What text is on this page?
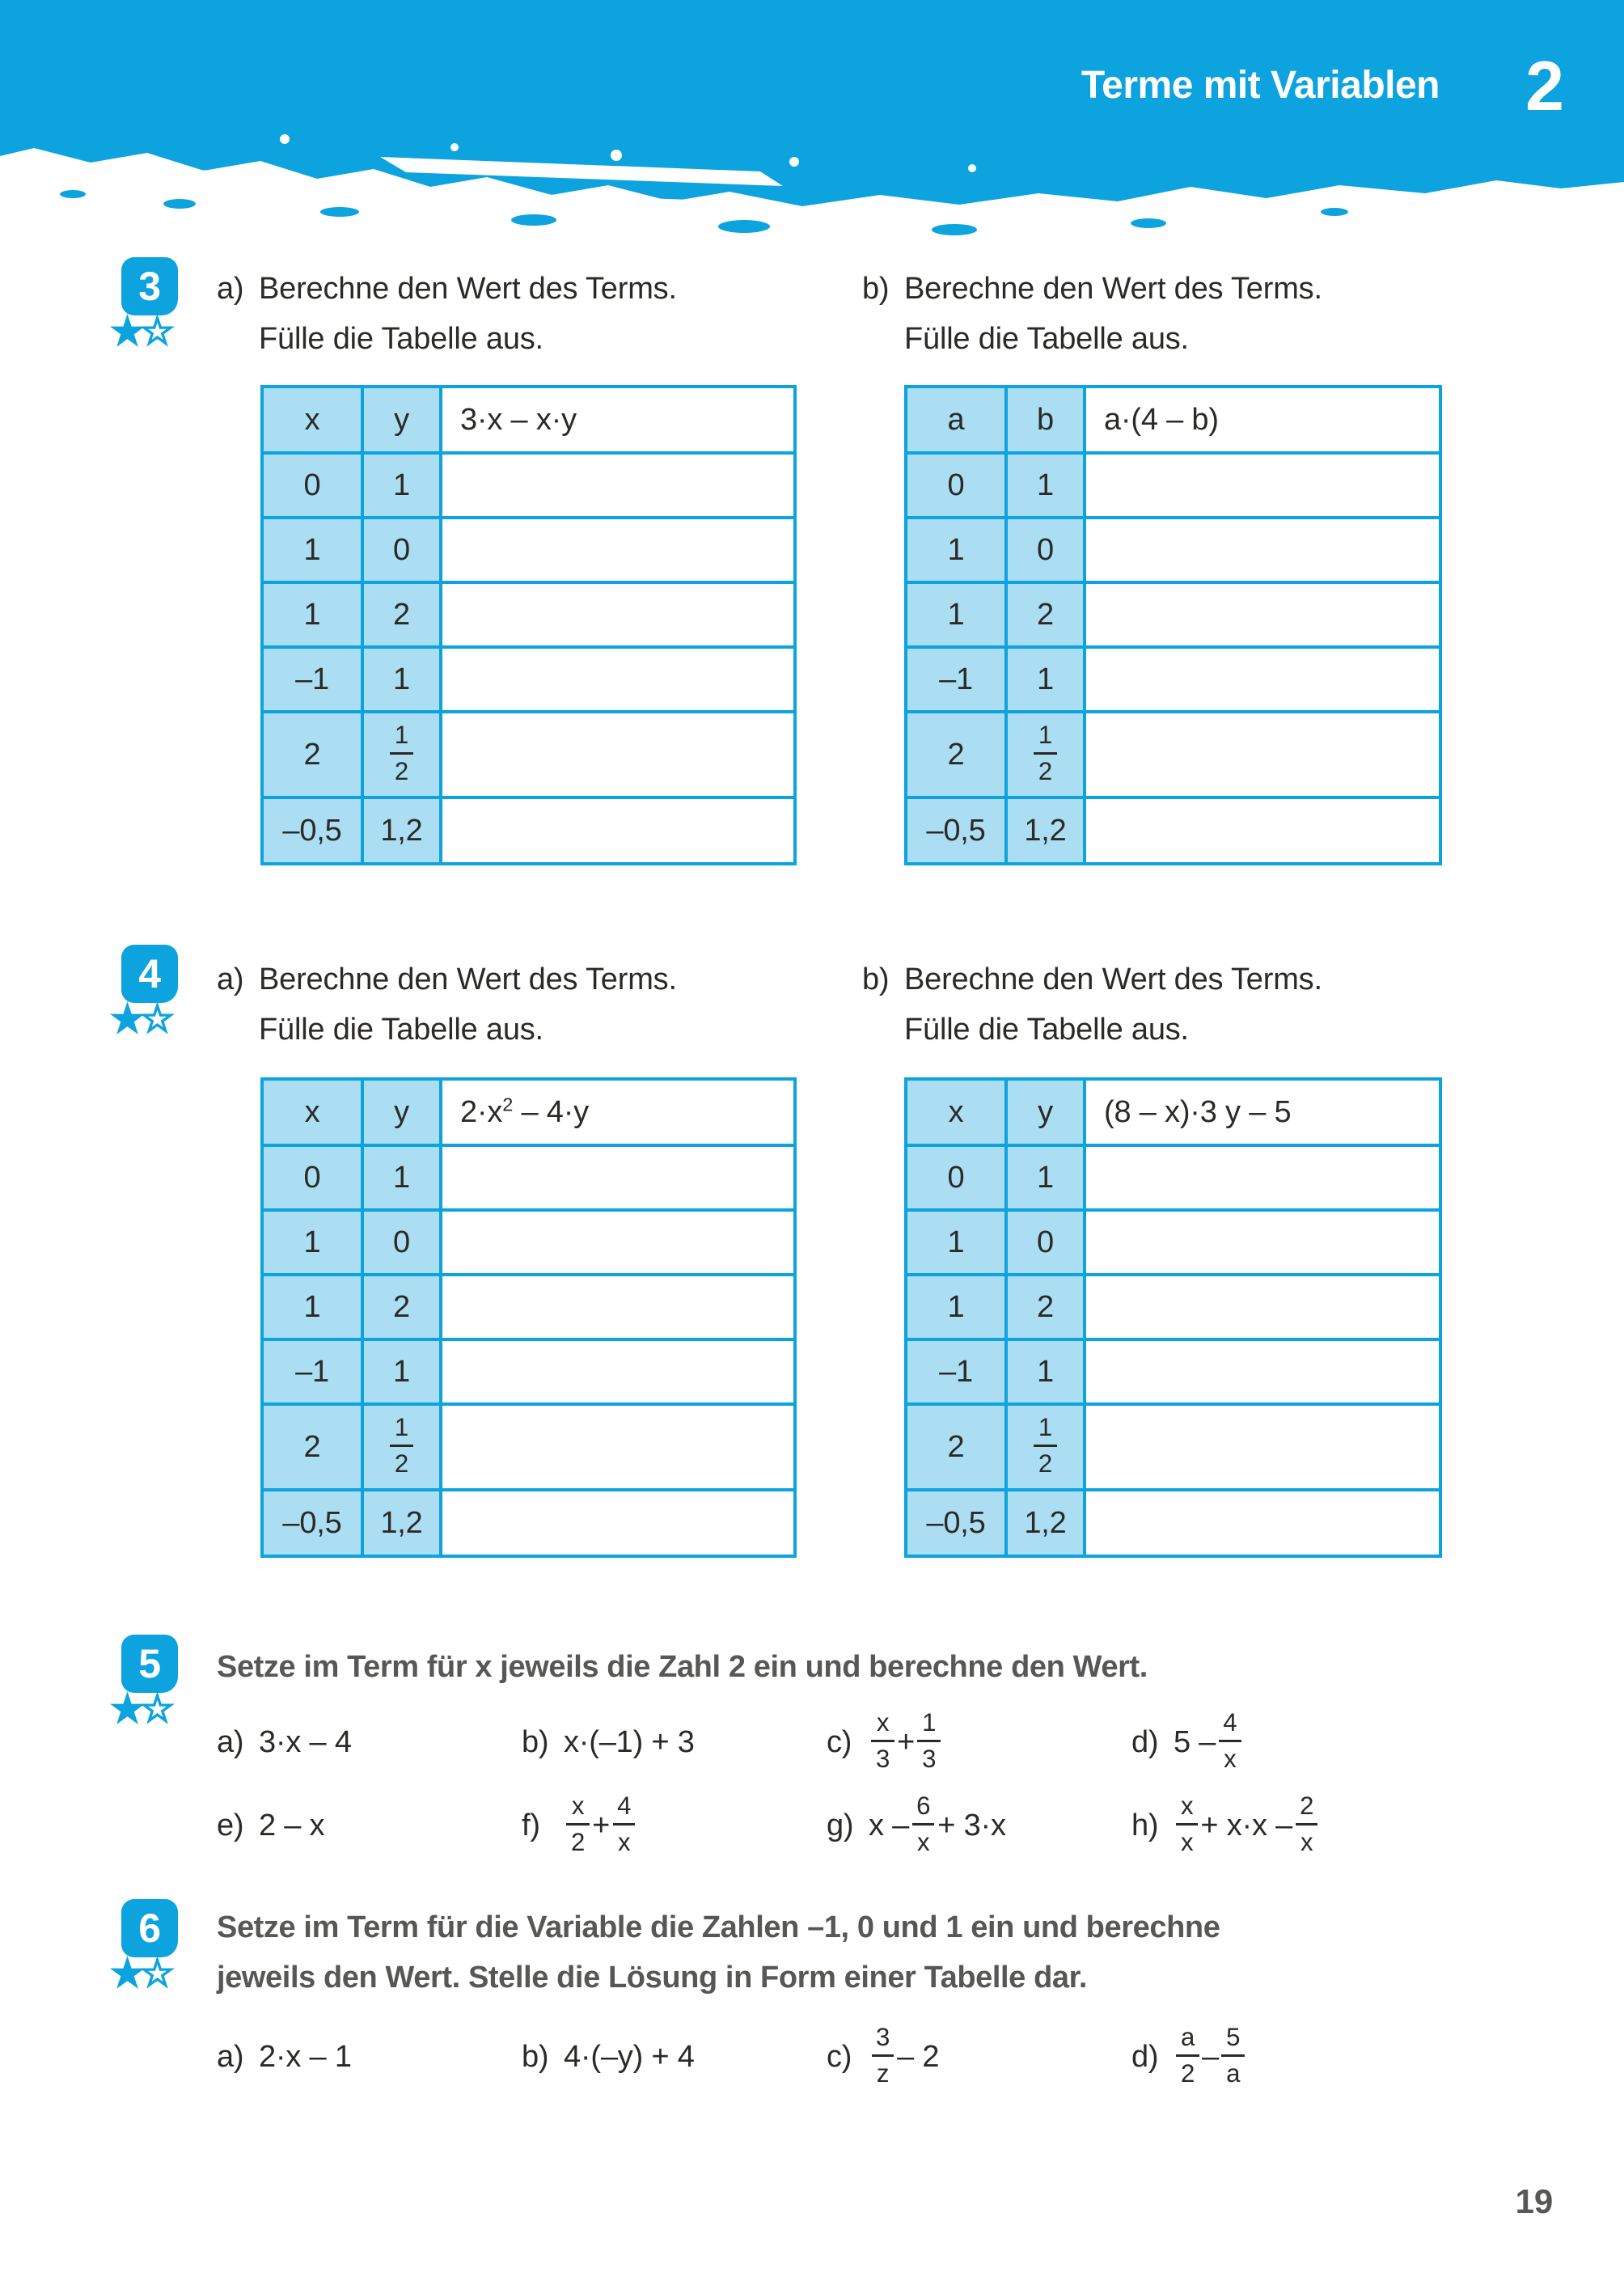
Terme mit Variablen	2
3
★☆
a) Berechne den Wert des Terms.
Fülle die Tabelle aus.
b) Berechne den Wert des Terms.
Fülle die Tabelle aus.
x	y	3·x – x·y
0	1	
1	0	
1	2	
–1	1	
2	$\frac{1}{2}$

–0,5	1,2	
a	b	a·(4 – b)
0	1	
1	0	
1	2	
–1	1	
2	$\frac{1}{2}$

–0,5	1,2	
4
★☆
a) Berechne den Wert des Terms.
Fülle die Tabelle aus.
b) Berechne den Wert des Terms.
Fülle die Tabelle aus.
x	y	$2\cdot x^2 - 4\cdot y$
0	1	
1	0	
1	2	
–1	1	
2	$\frac{1}{2}$

–0,5	1,2	
x	y	(8 – x)·3 y – 5
0	1	
1	0	
1	2	
–1	1	
2	$\frac{1}{2}$

–0,5	1,2	
5
★☆
Setze im Term für x jeweils die Zahl 2 ein und berechne den Wert.
a) 3·x – 4	b) x·(–1) + 3	$c) \frac{x}{3} + \frac{1}{3}$	d) $5 - \frac{4}{x}$
e) 2 – x	f)	$\frac{x}{2} + \frac{4}{x}$	g) $x - \frac{6}{x} + 3\cdot x$	$h) \frac{x}{x} + x\cdot x - \frac{2}{x}$
6
★☆
Setze im Term für die Variable die Zahlen –1, 0 und 1 ein und berechne
jeweils den Wert. Stelle die Lösung in Form einer Tabelle dar.
a) 2·x – 1	b) 4·(–y) + 4	$c) \frac{3}{z} - 2$	$d) \frac{a}{2} - \frac{5}{a}$
19
